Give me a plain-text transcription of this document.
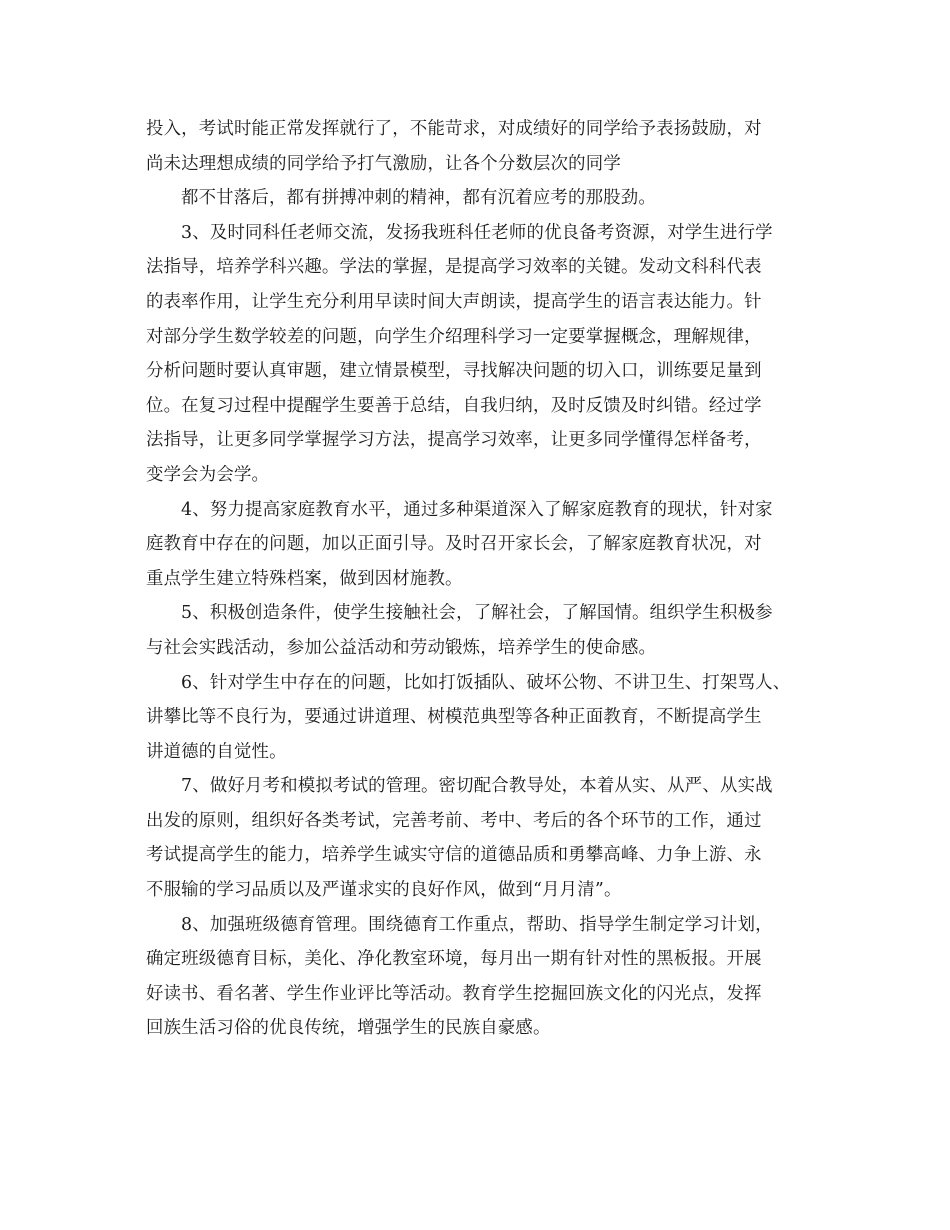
投入，考试时能正常发挥就行了，不能苛求，对成绩好的同学给予表扬鼓励，对
尚未达理想成绩的同学给予打气激励，让各个分数层次的同学
都不甘落后，都有拼搏冲刺的精神，都有沉着应考的那股劲。
3、及时同科任老师交流，发扬我班科任老师的优良备考资源，对学生进行学
法指导，培养学科兴趣。学法的掌握，是提高学习效率的关键。发动文科科代表
的表率作用，让学生充分利用早读时间大声朗读，提高学生的语言表达能力。针
对部分学生数学较差的问题，向学生介绍理科学习一定要掌握概念，理解规律，
分析问题时要认真审题，建立情景模型，寻找解决问题的切入口，训练要足量到
位。在复习过程中提醒学生要善于总结，自我归纳，及时反馈及时纠错。经过学
法指导，让更多同学掌握学习方法，提高学习效率，让更多同学懂得怎样备考，
变学会为会学。
4、努力提高家庭教育水平，通过多种渠道深入了解家庭教育的现状，针对家
庭教育中存在的问题，加以正面引导。及时召开家长会，了解家庭教育状况，对
重点学生建立特殊档案，做到因材施教。
5、积极创造条件，使学生接触社会，了解社会，了解国情。组织学生积极参
与社会实践活动，参加公益活动和劳动锻炼，培养学生的使命感。
6、针对学生中存在的问题，比如打饭插队、破坏公物、不讲卫生、打架骂人、
讲攀比等不良行为，要通过讲道理、树模范典型等各种正面教育，不断提高学生
讲道德的自觉性。
7、做好月考和模拟考试的管理。密切配合教导处，本着从实、从严、从实战
出发的原则，组织好各类考试，完善考前、考中、考后的各个环节的工作，通过
考试提高学生的能力，培养学生诚实守信的道德品质和勇攀高峰、力争上游、永
不服输的学习品质以及严谨求实的良好作风，做到“月月清”。
8、加强班级德育管理。围绕德育工作重点，帮助、指导学生制定学习计划，
确定班级德育目标，美化、净化教室环境，每月出一期有针对性的黑板报。开展
好读书、看名著、学生作业评比等活动。教育学生挖掘回族文化的闪光点，发挥
回族生活习俗的优良传统，增强学生的民族自豪感。
